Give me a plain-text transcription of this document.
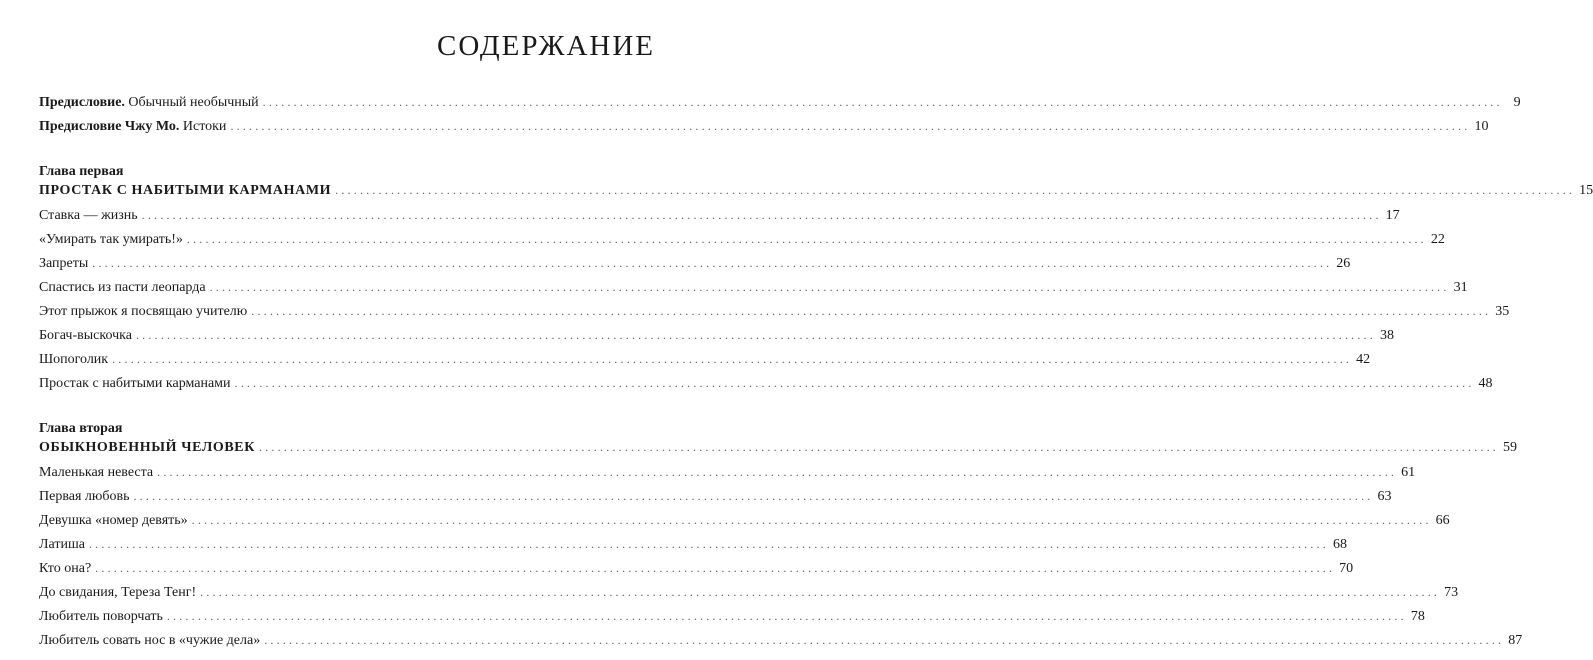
СОДЕРЖАНИЕ
Предисловие. Обычный необычный ........................................................................................................................................................................................................ 9
Предисловие Чжу Мо. Истоки ........................................................................................................................................................................................................ 10
Глава первая
ПРОСТАК С НАБИТЫМИ КАРМАНАМИ ........................................................................................................................................................................................................ 15
Ставка — жизнь ........................................................................................................................................................................................................ 17
«Умирать так умирать!» ........................................................................................................................................................................................................ 22
Запреты ........................................................................................................................................................................................................ 26
Спастись из пасти леопарда ........................................................................................................................................................................................................ 31
Этот прыжок я посвящаю учителю ........................................................................................................................................................................................................ 35
Богач-выскочка ........................................................................................................................................................................................................ 38
Шопоголик ........................................................................................................................................................................................................ 42
Простак с набитыми карманами ........................................................................................................................................................................................................ 48
Глава вторая
ОБЫКНОВЕННЫЙ ЧЕЛОВЕК ........................................................................................................................................................................................................ 59
Маленькая невеста ........................................................................................................................................................................................................ 61
Первая любовь ........................................................................................................................................................................................................ 63
Девушка «номер девять» ........................................................................................................................................................................................................ 66
Латиша ........................................................................................................................................................................................................ 68
Кто она? ........................................................................................................................................................................................................ 70
До свидания, Тереза Тенг! ........................................................................................................................................................................................................ 73
Любитель поворчать ........................................................................................................................................................................................................ 78
Любитель совать нос в «чужие дела» ........................................................................................................................................................................................................ 87
